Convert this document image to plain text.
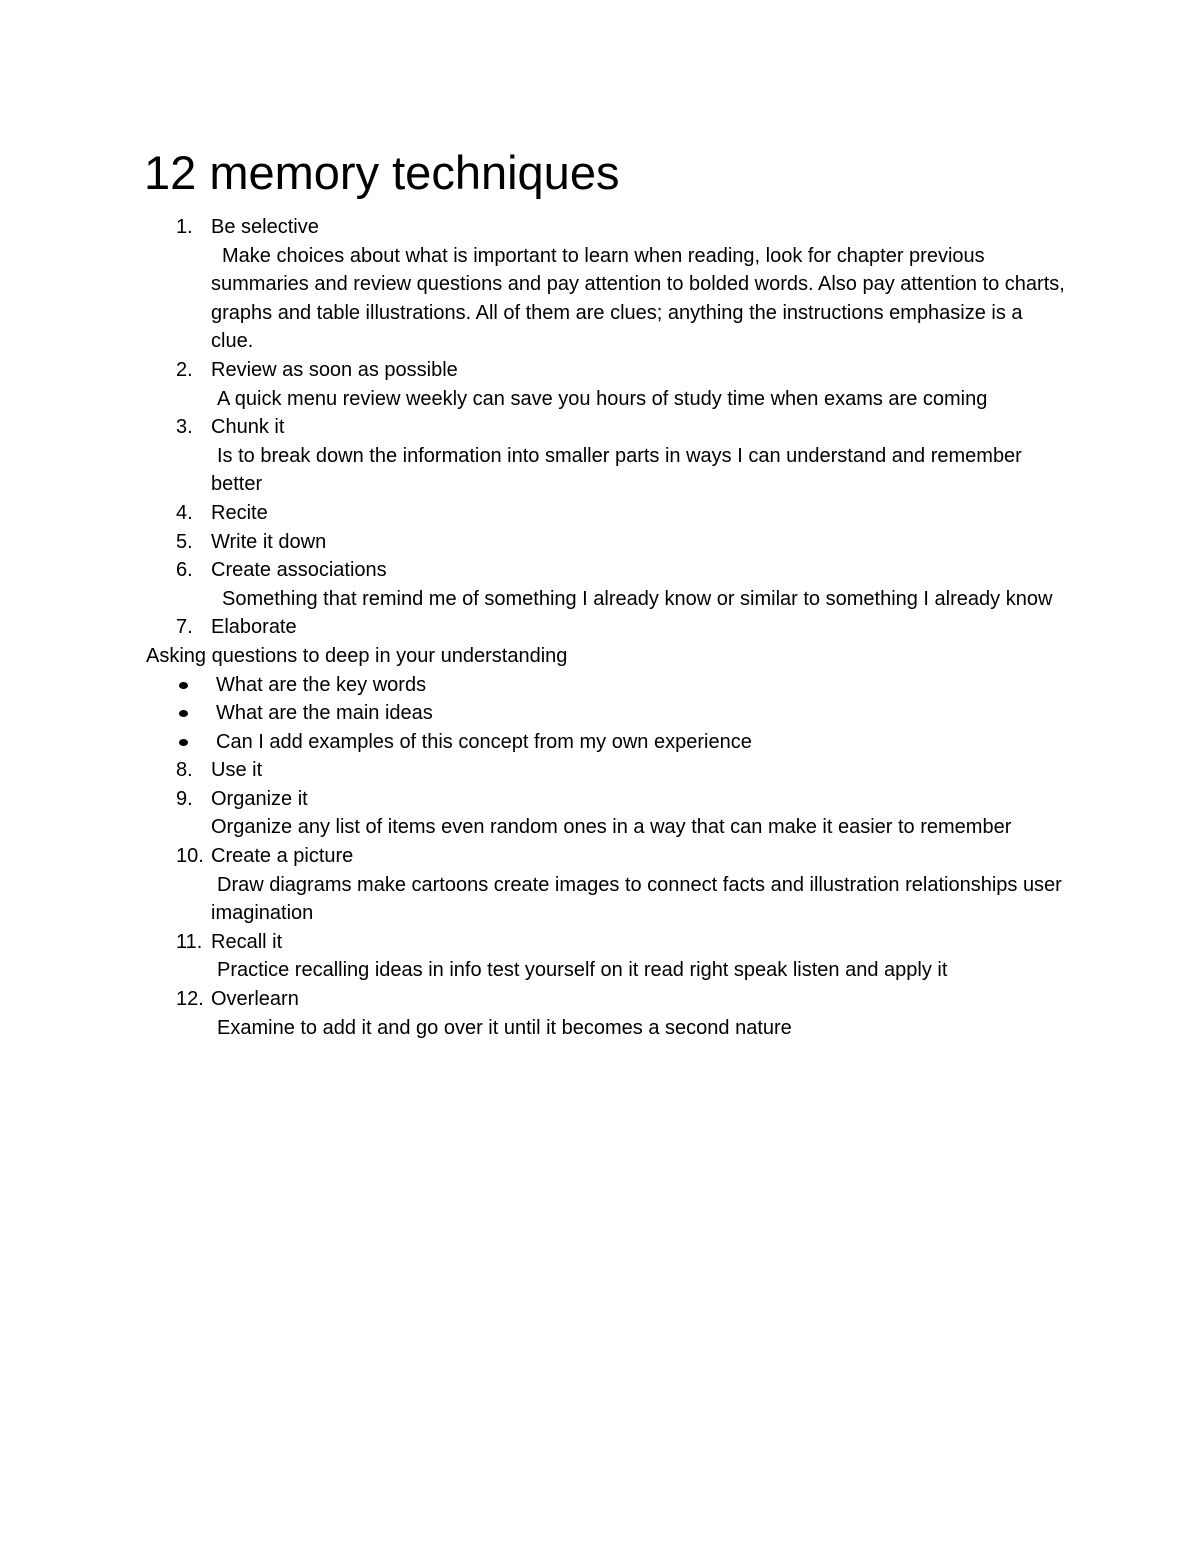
12 memory techniques
1. Be selective
Make choices about what is important to learn when reading, look for chapter previous summaries and review questions and pay attention to bolded words. Also pay attention to charts, graphs and table illustrations. All of them are clues; anything the instructions emphasize is a clue.
2. Review as soon as possible
A quick menu review weekly can save you hours of study time when exams are coming
3. Chunk it
Is to break down the information into smaller parts in ways I can understand and remember better
4. Recite
5. Write it down
6. Create associations
Something that remind me of something I already know or similar to something I already know
7. Elaborate
Asking questions to deep in your understanding
What are the key words
What are the main ideas
Can I add examples of this concept from my own experience
8. Use it
9. Organize it
Organize any list of items even random ones in a way that can make it easier to remember
10. Create a picture
Draw diagrams make cartoons create images to connect facts and illustration relationships user imagination
11. Recall it
Practice recalling ideas in info test yourself on it read right speak listen and apply it
12. Overlearn
Examine to add it and go over it until it becomes a second nature
